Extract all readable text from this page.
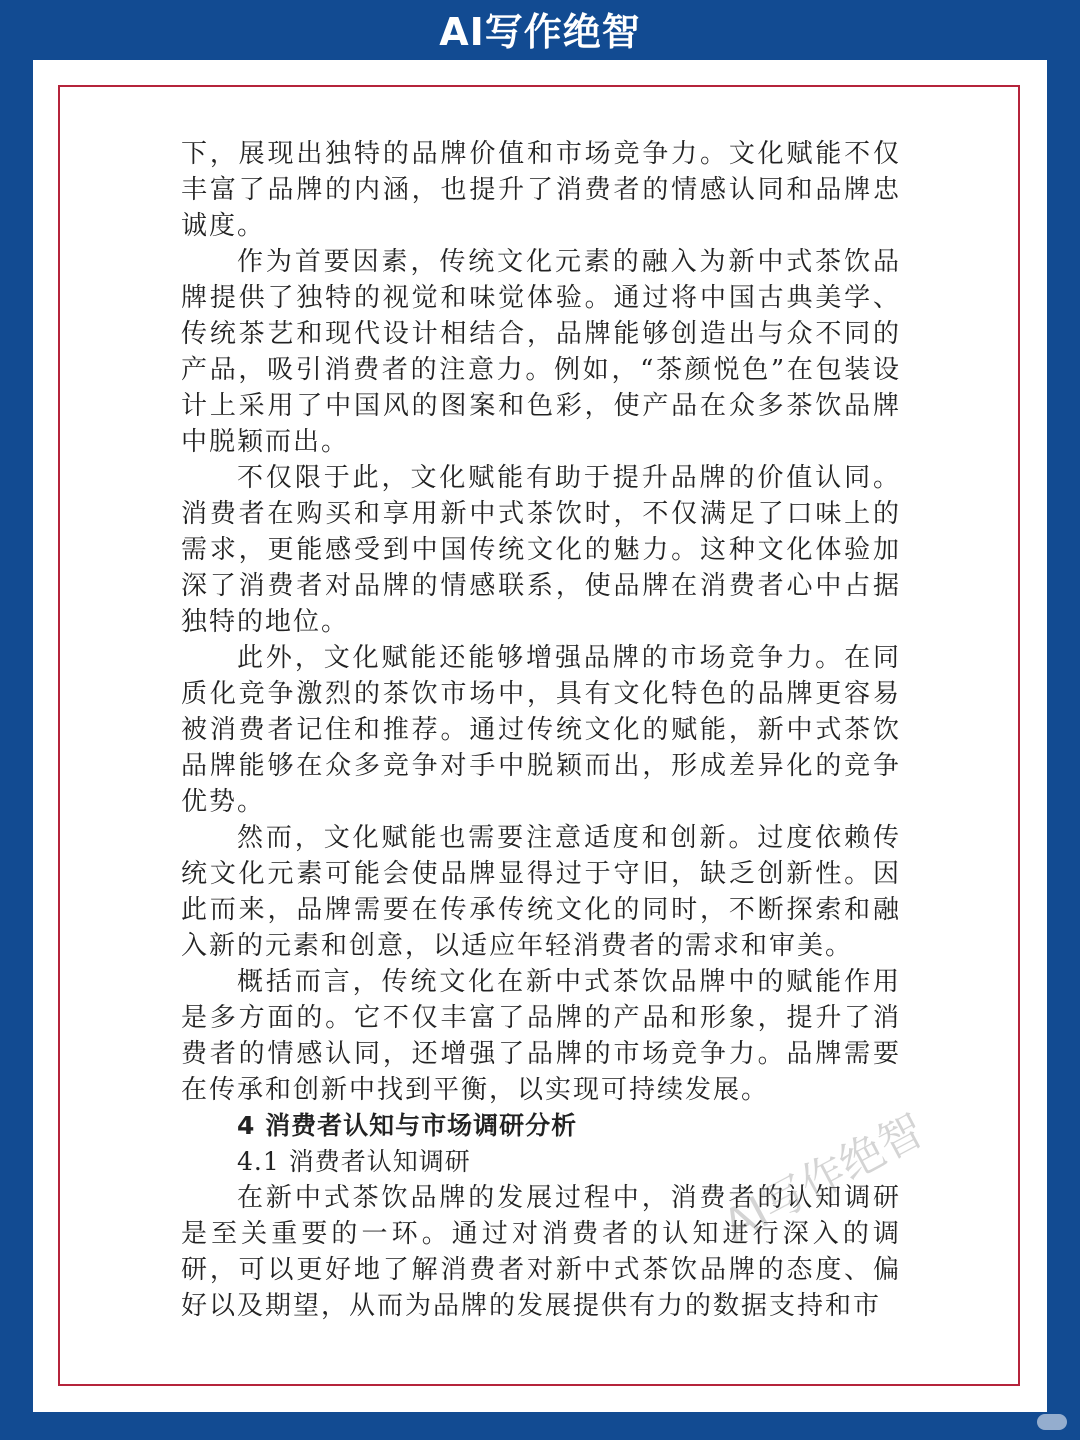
AI写作绝智

下，展现出独特的品牌价值和市场竞争力。文化赋能不仅丰富了品牌的内涵，也提升了消费者的情感认同和品牌忠诚度。

作为首要因素，传统文化元素的融入为新中式茶饮品牌提供了独特的视觉和味觉体验。通过将中国古典美学、传统茶艺和现代设计相结合，品牌能够创造出与众不同的产品，吸引消费者的注意力。例如，“茶颜悦色”在包装设计上采用了中国风的图案和色彩，使产品在众多茶饮品牌中脱颖而出。

不仅限于此，文化赋能有助于提升品牌的价值认同。消费者在购买和享用新中式茶饮时，不仅满足了口味上的需求，更能感受到中国传统文化的魅力。这种文化体验加深了消费者对品牌的情感联系，使品牌在消费者心中占据独特的地位。

此外，文化赋能还能够增强品牌的市场竞争力。在同质化竞争激烈的茶饮市场中，具有文化特色的品牌更容易被消费者记住和推荐。通过传统文化的赋能，新中式茶饮品牌能够在众多竞争对手中脱颖而出，形成差异化的竞争优势。

然而，文化赋能也需要注意适度和创新。过度依赖传统文化元素可能会使品牌显得过于守旧，缺乏创新性。因此而来，品牌需要在传承传统文化的同时，不断探索和融入新的元素和创意，以适应年轻消费者的需求和审美。

概括而言，传统文化在新中式茶饮品牌中的赋能作用是多方面的。它不仅丰富了品牌的产品和形象，提升了消费者的情感认同，还增强了品牌的市场竞争力。品牌需要在传承和创新中找到平衡，以实现可持续发展。

4 消费者认知与市场调研分析

4.1 消费者认知调研

在新中式茶饮品牌的发展过程中，消费者的认知调研是至关重要的一环。通过对消费者的认知进行深入的调研，可以更好地了解消费者对新中式茶饮品牌的态度、偏好以及期望，从而为品牌的发展提供有力的数据支持和市

AI写作绝智
